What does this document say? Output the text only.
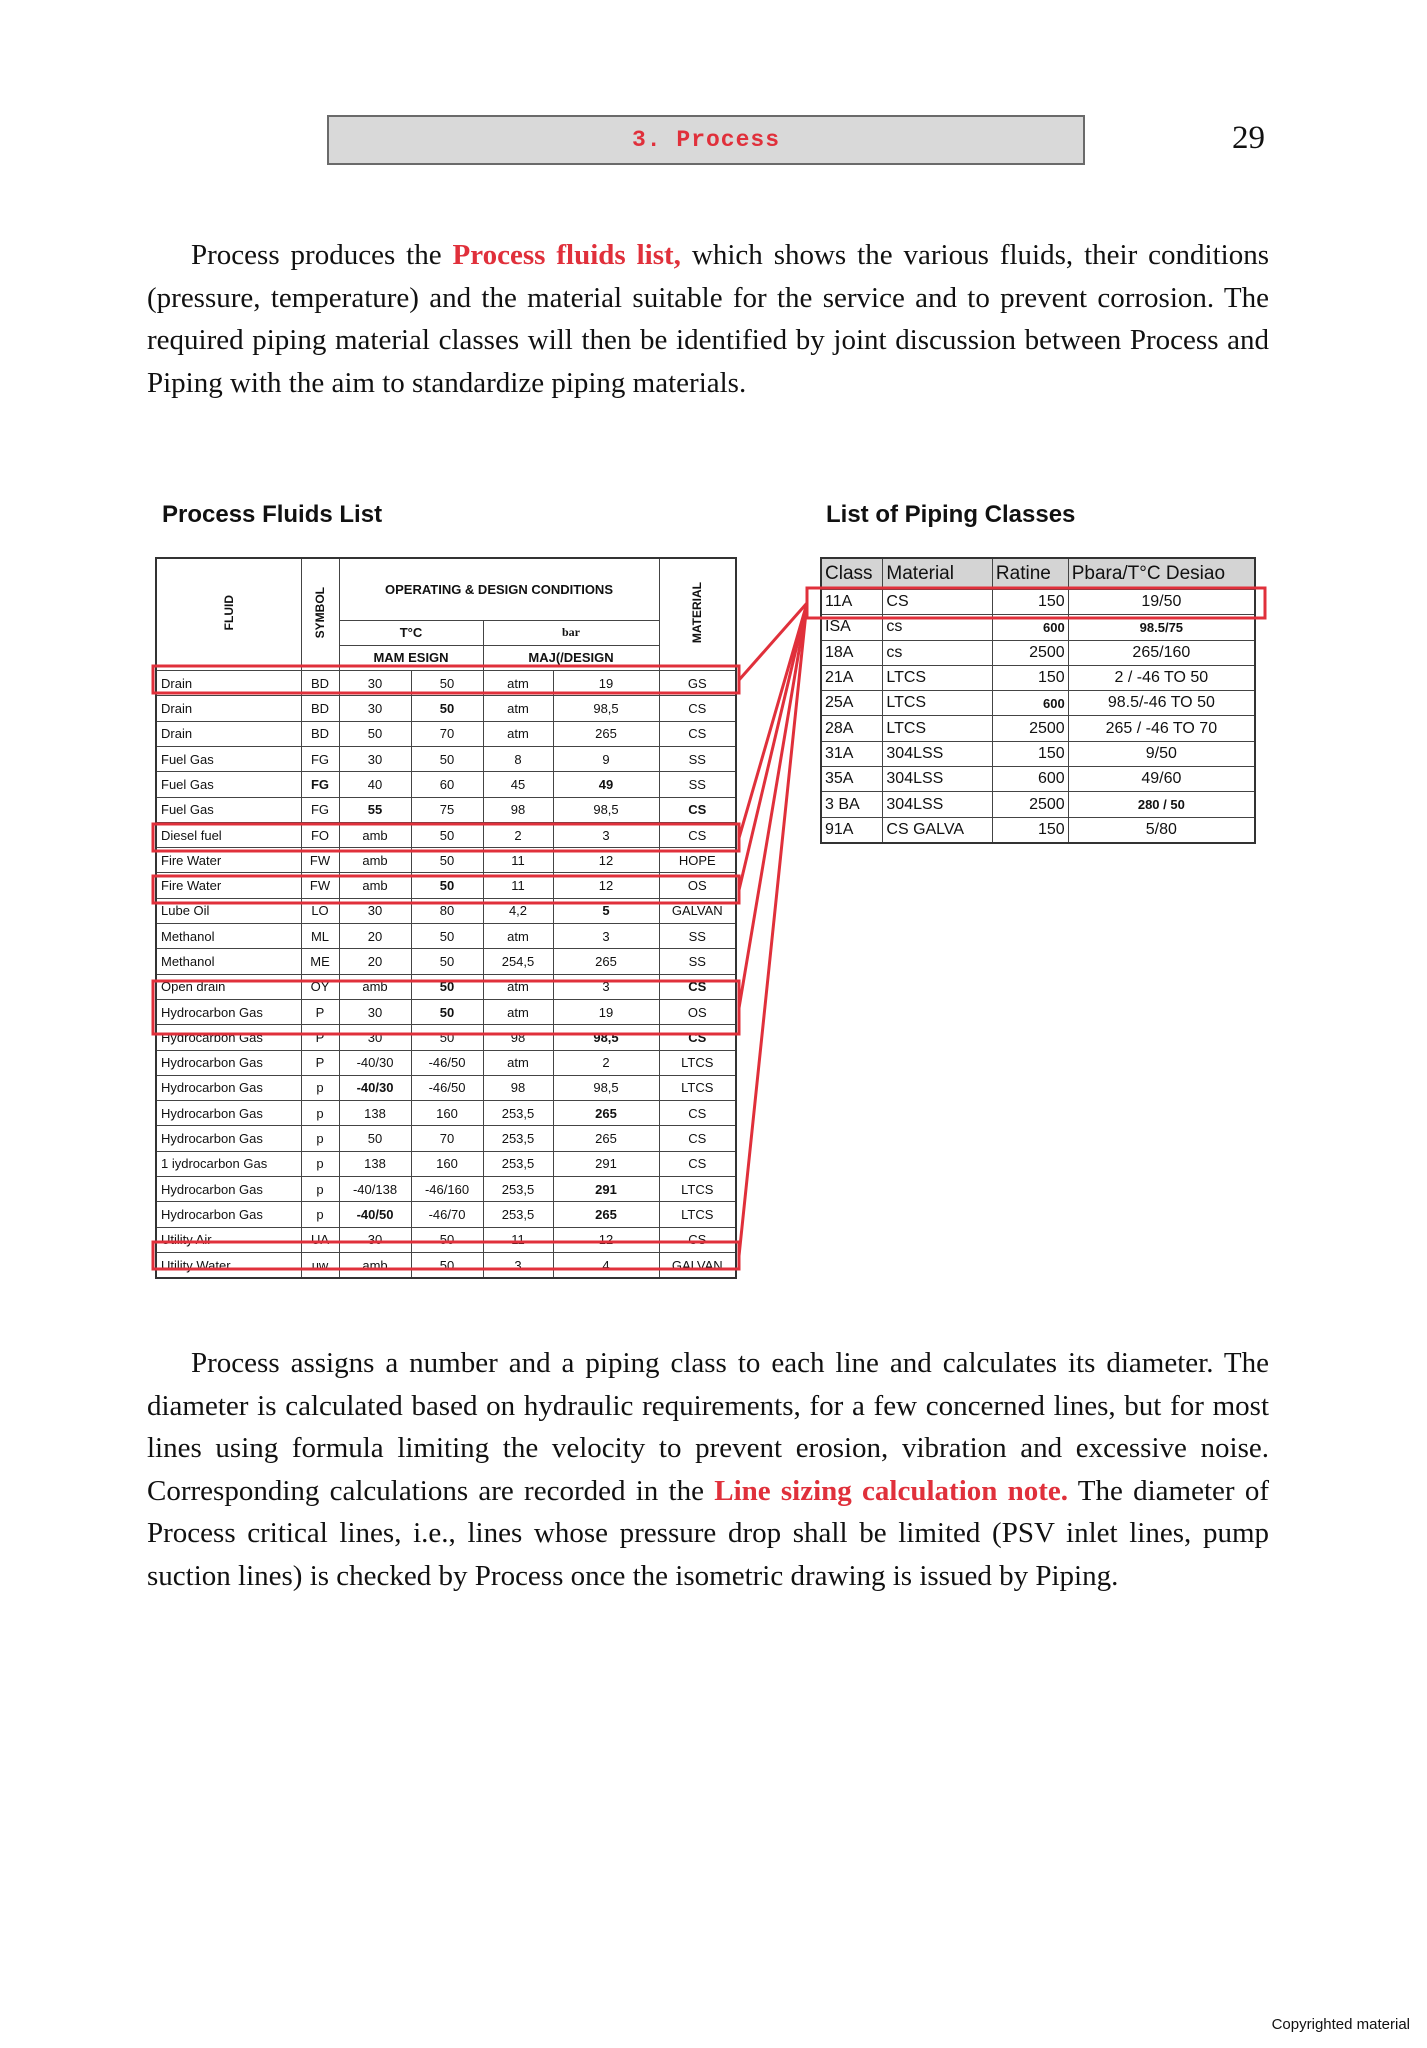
3. Process	29

Process produces the Process fluids list, which shows the various fluids, their conditions (pressure, temperature) and the material suitable for the service and to prevent corrosion. The required piping material classes will then be identified by joint discussion between Process and Piping with the aim to standardize piping materials.

Process Fluids List	List of Piping Classes
FLUID	SYMBOL	OPERATING & DESIGN CONDITIONS				MATERIAL
		T°C		bar		
		MAM ESIGN		MAJ(/DESIGN		
Drain	BD	30	50	atm	19	GS
Drain	BD	30	50	atm	98,5	CS
Drain	BD	50	70	atm	265	CS
Fuel Gas	FG	30	50	8	9	SS
Fuel Gas	FG	40	60	45	49	SS
Fuel Gas	FG	55	75	98	98,5	CS
Diesel fuel	FO	amb	50	2	3	CS
Fire Water	FW	amb	50	11	12	HOPE
Fire Water	FW	amb	50	11	12	OS
Lube Oil	LO	30	80	4,2	5	GALVAN
Methanol	ML	20	50	atm	3	SS
Methanol	ME	20	50	254,5	265	SS
Open drain	OY	amb	50	atm	3	CS
Hydrocarbon Gas	P	30	50	atm	19	OS
Hydrocarbon Gas	P	30	50	98	98,5	CS
Hydrocarbon Gas	P	-40/30	-46/50	atm	2	LTCS
Hydrocarbon Gas	p	-40/30	-46/50	98	98,5	LTCS
Hydrocarbon Gas	p	138	160	253,5	265	CS
Hydrocarbon Gas	p	50	70	253,5	265	CS
1 iydrocarbon Gas	p	138	160	253,5	291	CS
Hydrocarbon Gas	p	-40/138	-46/160	253,5	291	LTCS
Hydrocarbon Gas	p	-40/50	-46/70	253,5	265	LTCS
Utility Air	UA	30	50	11	12	CS
Utility Water	uw	amb	50	3	4	GALVAN
Class	Material	Ratine	Pbara/T°C Desiao
11A	CS	150	19/50
ISA	cs	600	98.5/75
18A	cs	2500	265/160
21A	LTCS	150	2 / -46 TO 50
25A	LTCS	600	98.5/-46 TO 50
28A	LTCS	2500	265 / -46 TO 70
31A	304LSS	150	9/50
35A	304LSS	600	49/60
3 BA	304LSS	2500	280 / 50
91A	CS GALVA	150	5/80

Process assigns a number and a piping class to each line and calculates its diameter. The diameter is calculated based on hydraulic requirements, for a few concerned lines, but for most lines using formula limiting the velocity to prevent erosion, vibration and excessive noise. Corresponding calculations are recorded in the Line sizing calculation note. The diameter of Process critical lines, i.e., lines whose pressure drop shall be limited (PSV inlet lines, pump suction lines) is checked by Process once the isometric drawing is issued by Piping.

Copyrighted material
